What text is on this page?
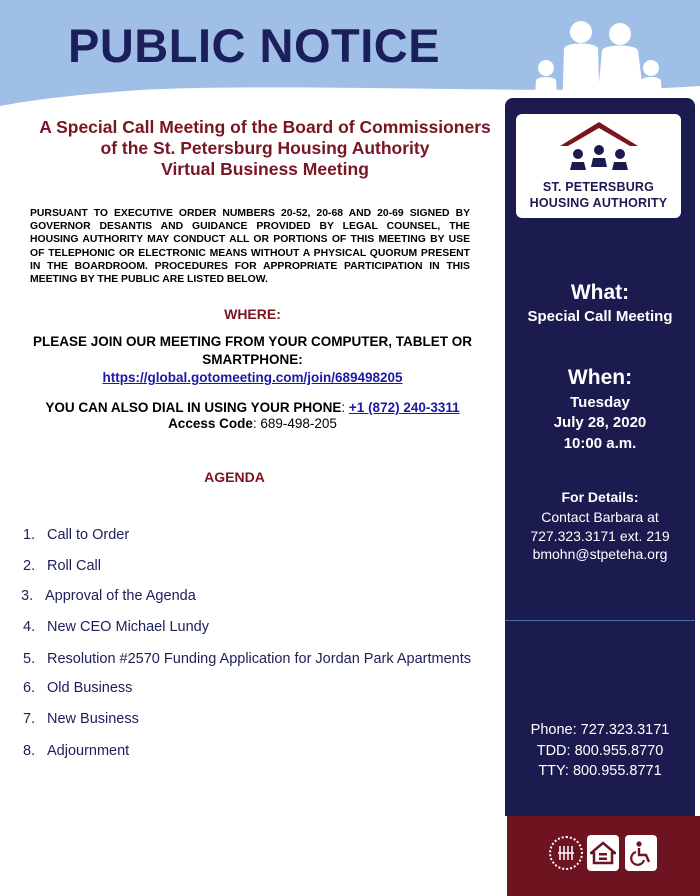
PUBLIC NOTICE
A Special Call Meeting of the Board of Commissioners
of the St. Petersburg Housing Authority
Virtual Business Meeting
PURSUANT TO EXECUTIVE ORDER NUMBERS 20-52, 20-68 AND 20-69 SIGNED BY GOVERNOR DESANTIS AND GUIDANCE PROVIDED BY LEGAL COUNSEL, THE HOUSING AUTHORITY MAY CONDUCT ALL OR PORTIONS OF THIS MEETING BY USE OF TELEPHONIC OR ELECTRONIC MEANS WITHOUT A PHYSICAL QUORUM PRESENT IN THE BOARDROOM. PROCEDURES FOR APPROPRIATE PARTICIPATION IN THIS MEETING BY THE PUBLIC ARE LISTED BELOW.
WHERE:
PLEASE JOIN OUR MEETING FROM YOUR COMPUTER, TABLET OR
SMARTPHONE:
https://global.gotomeeting.com/join/689498205
YOU CAN ALSO DIAL IN USING YOUR PHONE: +1 (872) 240-3311
Access Code: 689-498-205
AGENDA
1. Call to Order
2. Roll Call
3. Approval of the Agenda
4. New CEO Michael Lundy
5. Resolution #2570 Funding Application for Jordan Park Apartments
6. Old Business
7. New Business
8. Adjournment
ST. PETERSBURG
HOUSING AUTHORITY
What:
Special Call Meeting
When:
Tuesday
July 28, 2020
10:00 a.m.
For Details:
Contact Barbara at
727.323.3171 ext. 219
bmohn@stpeteha.org
Phone: 727.323.3171
TDD: 800.955.8770
TTY: 800.955.8771
